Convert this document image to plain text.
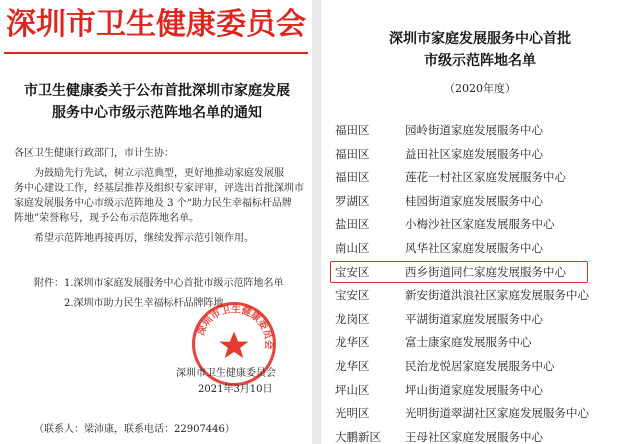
深圳市卫生健康委员会
市卫生健康委关于公布首批深圳市家庭发展
服务中心市级示范阵地名单的通知
各区卫生健康行政部门，市计生协：
为鼓励先行先试，树立示范典型，更好地推动家庭发展服
务中心建设工作，经基层推荐及组织专家评审，评选出首批深圳市
家庭发展服务中心市级示范阵地及 3 个“助力民生幸福标杆品牌
阵地”荣誉称号，现予公布示范阵地名单。
希望示范阵地再接再厉，继续发挥示范引领作用。
附件：1.深圳市家庭发展服务中心首批市级示范阵地名单
2.深圳市助力民生幸福标杆品牌阵地
深圳市卫生健康委员会
深圳市卫生健康委员会
2021年3月10日
（联系人：梁沛康，联系电话：22907446）
深圳市家庭发展服务中心首批
市级示范阵地名单
（2020年度）
福田区	园岭街道家庭发展服务中心
福田区	益田社区家庭发展服务中心
福田区	莲花一村社区家庭发展服务中心
罗湖区	桂园街道家庭发展服务中心
盐田区	小梅沙社区家庭发展服务中心
南山区	风华社区家庭发展服务中心
宝安区	西乡街道同仁家庭发展服务中心
宝安区	新安街道洪浪社区家庭发展服务中心
龙岗区	平湖街道家庭发展服务中心
龙华区	富士康家庭发展服务中心
龙华区	民治龙悦居家庭发展服务中心
坪山区	坪山街道家庭发展服务中心
光明区	光明街道翠湖社区家庭发展服务中心
大鹏新区 王母社区家庭发展服务中心
